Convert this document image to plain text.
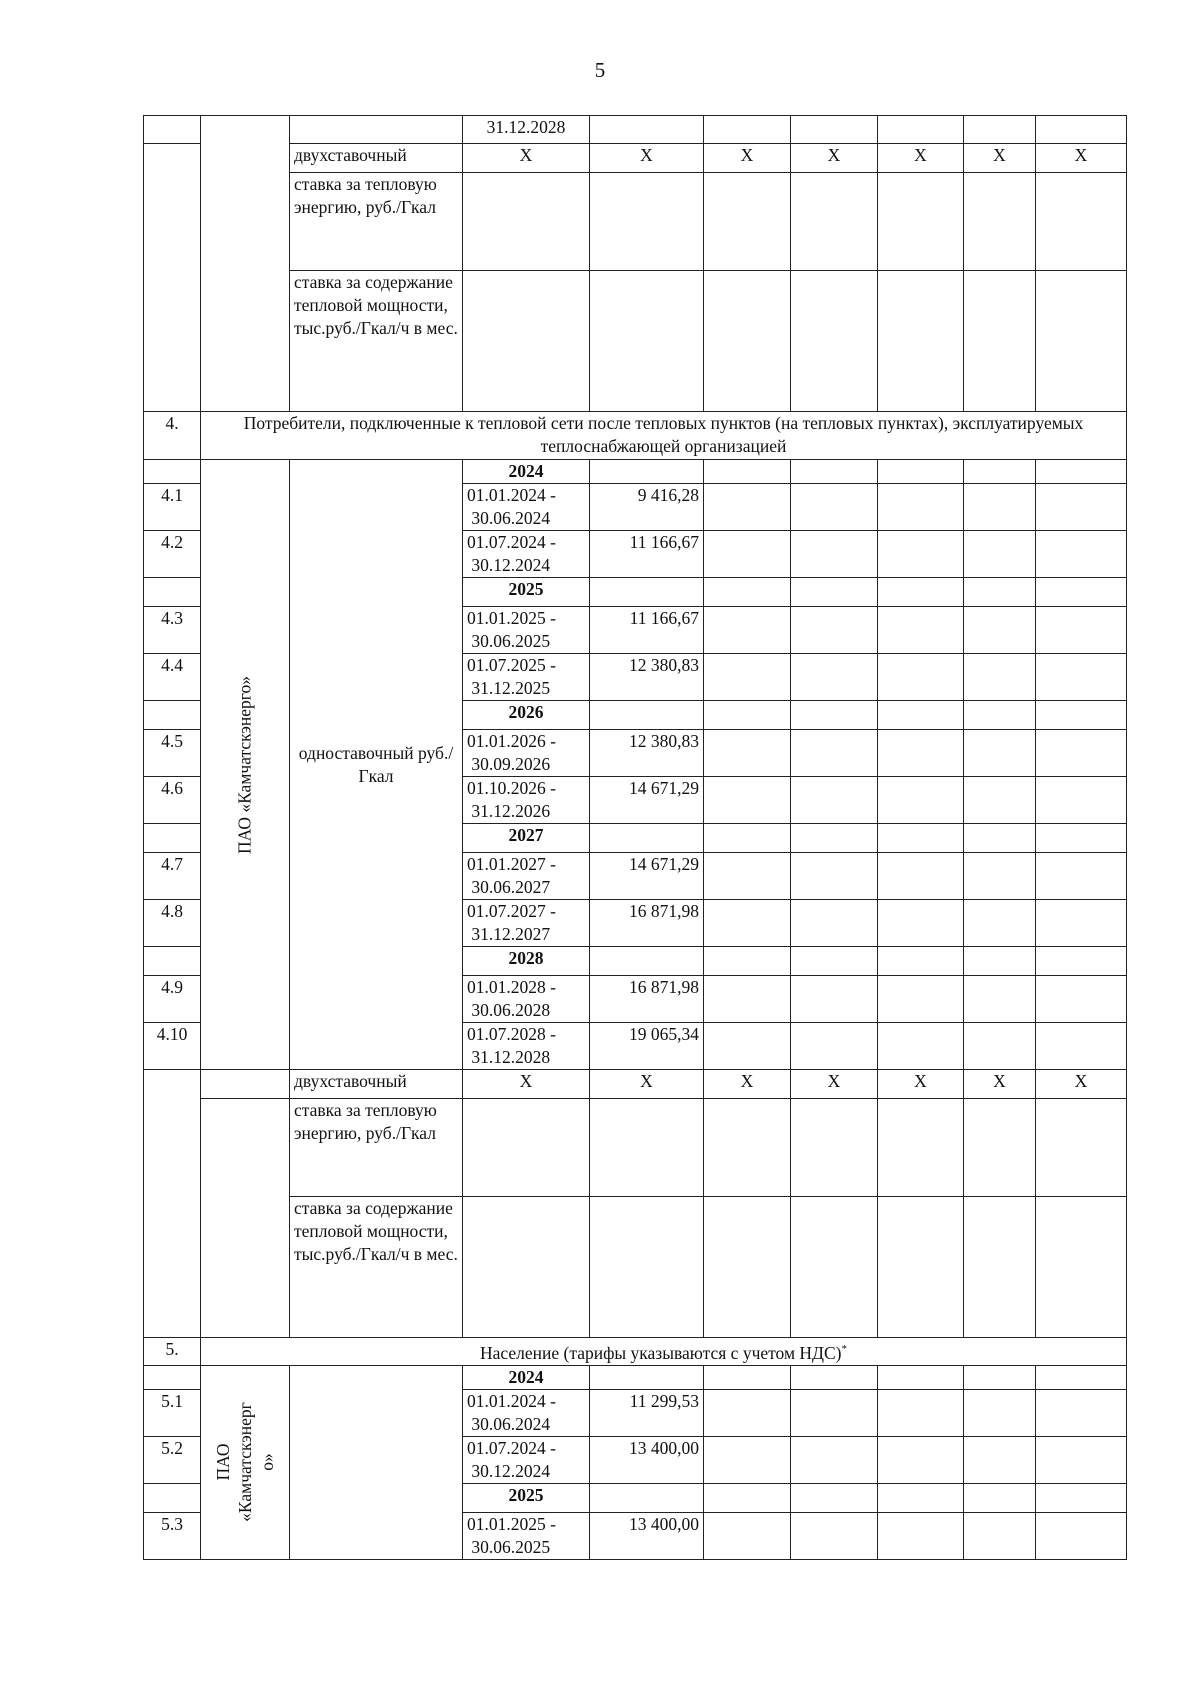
5
			31.12.2028						
		двухставочный	X	X	X	X	X	X	X
		ставка за тепловую энергию, руб./Гкал							
		ставка за содержание тепловой мощности, тыс.руб./Гкал/ч в мес.							
4.	Потребители, подключенные к тепловой сети после тепловых пунктов (на тепловых пунктах), эксплуатируемых теплоснабжающей организацией								

	ПАО «Камчатскэнерго»	одноставочный руб./Гкал	2024						
4.1			01.01.2024 -
30.06.2024	9 416,28					
4.2			01.07.2024 -
30.12.2024	11 166,67					
			2025						
4.3			01.01.2025 -
30.06.2025	11 166,67					
4.4			01.07.2025 -
31.12.2025	12 380,83					
			2026						
4.5			01.01.2026 -
30.09.2026	12 380,83					
4.6			01.10.2026 -
31.12.2026	14 671,29					
			2027						
4.7			01.01.2027 -
30.06.2027	14 671,29					
4.8			01.07.2027 -
31.12.2027	16 871,98					
			2028						
4.9			01.01.2028 -
30.06.2028	16 871,98					
4.10			01.07.2028 -
31.12.2028	19 065,34					
		двухставочный	X	X	X	X	X	X	X
		ставка за тепловую энергию, руб./Гкал							
		ставка за содержание тепловой мощности, тыс.руб./Гкал/ч в мес.							
5.	Население (тарифы указываются с учетом НДС)*

	ПАО «Камчатскэнерг о»		2024						
5.1			01.01.2024 -
30.06.2024	11 299,53					
5.2			01.07.2024 -
30.12.2024	13 400,00					
			2025						
5.3			01.01.2025 -
30.06.2025	13 400,00					
